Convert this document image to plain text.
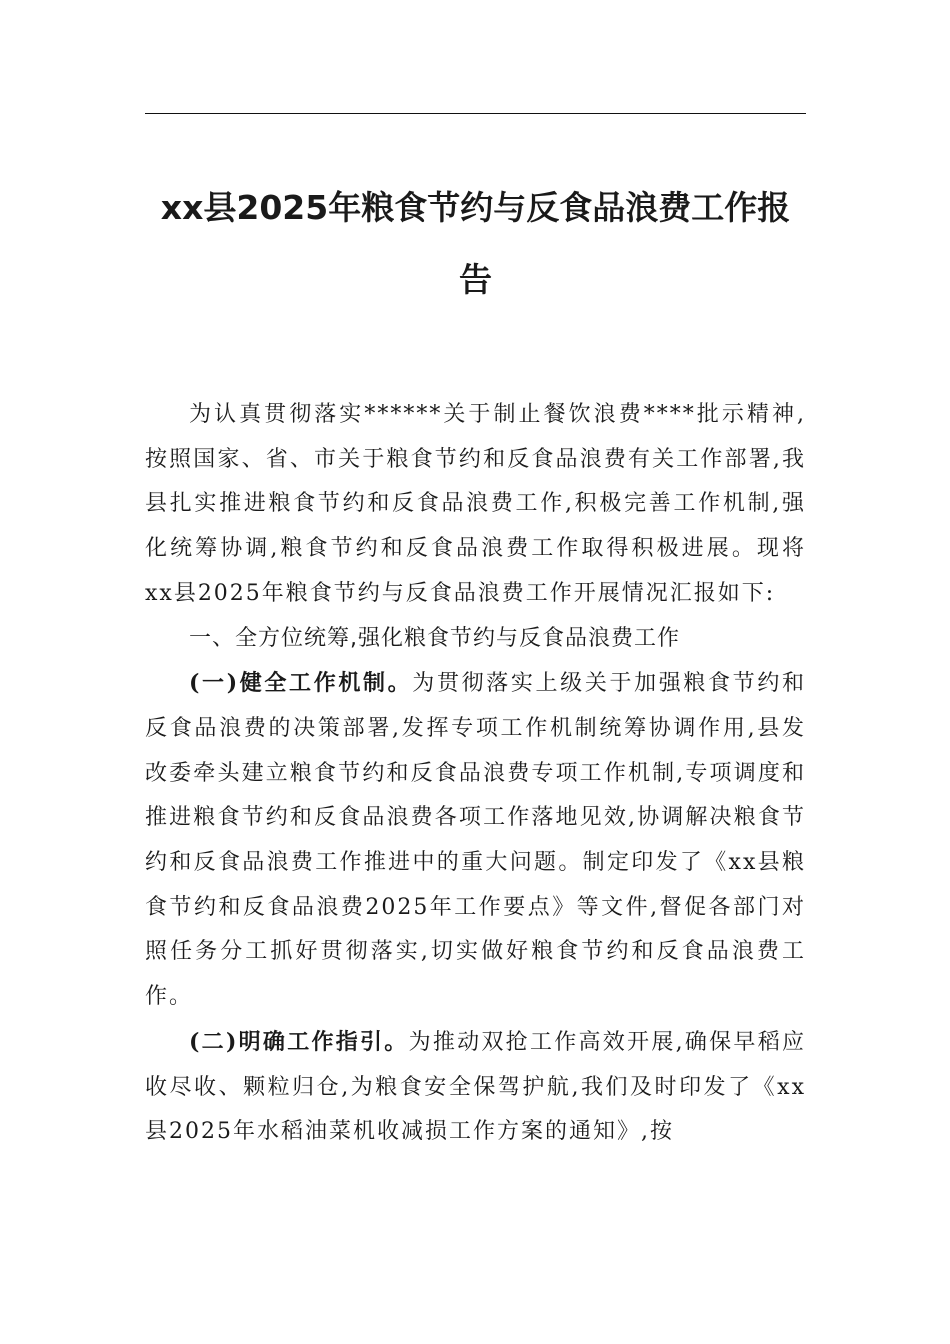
xx县2025年粮食节约与反食品浪费工作报告

为认真贯彻落实******关于制止餐饮浪费****批示精神,按照国家、省、市关于粮食节约和反食品浪费有关工作部署,我县扎实推进粮食节约和反食品浪费工作,积极完善工作机制,强化统筹协调,粮食节约和反食品浪费工作取得积极进展。现将xx县2025年粮食节约与反食品浪费工作开展情况汇报如下:

一、全方位统筹,强化粮食节约与反食品浪费工作

(一)健全工作机制。为贯彻落实上级关于加强粮食节约和反食品浪费的决策部署,发挥专项工作机制统筹协调作用,县发改委牵头建立粮食节约和反食品浪费专项工作机制,专项调度和推进粮食节约和反食品浪费各项工作落地见效,协调解决粮食节约和反食品浪费工作推进中的重大问题。制定印发了《xx县粮食节约和反食品浪费2025年工作要点》等文件,督促各部门对照任务分工抓好贯彻落实,切实做好粮食节约和反食品浪费工作。

(二)明确工作指引。为推动双抢工作高效开展,确保早稻应收尽收、颗粒归仓,为粮食安全保驾护航,我们及时印发了《xx县2025年水稻油菜机收减损工作方案的通知》,按
